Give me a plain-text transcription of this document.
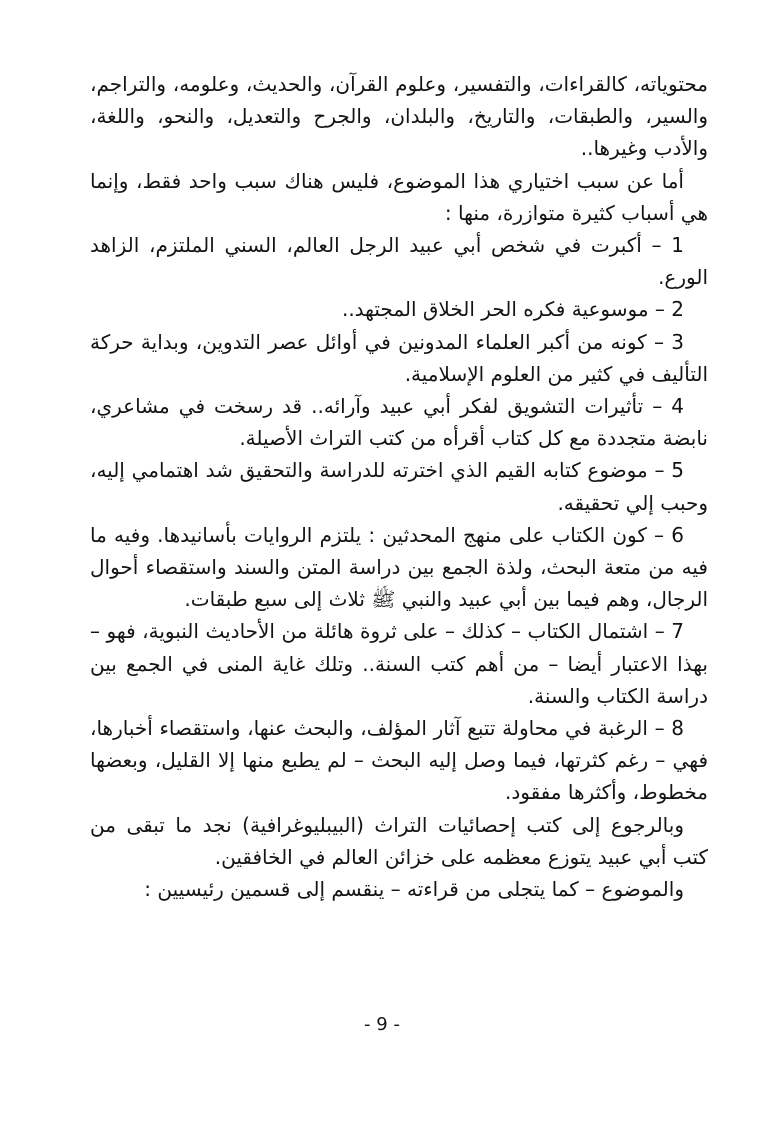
محتوياته، كالقراءات، والتفسير، وعلوم القرآن، والحديث، وعلومه، والتراجم، والسير، والطبقات، والتاريخ، والبلدان، والجرح والتعديل، والنحو، واللغة، والأدب وغيرها..

أما عن سبب اختياري هذا الموضوع، فليس هناك سبب واحد فقط، وإنما هي أسباب كثيرة متوازرة، منها :

1 – أكبرت في شخص أبي عبيد الرجل العالم، السني الملتزم، الزاهد الورع.

2 – موسوعية فكره الحر الخلاق المجتهد..

3 – كونه من أكبر العلماء المدونين في أوائل عصر التدوين، وبداية حركة التأليف في كثير من العلوم الإسلامية.

4 – تأثيرات التشويق لفكر أبي عبيد وآرائه.. قد رسخت في مشاعري، نابضة متجددة مع كل كتاب أقرأه من كتب التراث الأصيلة.

5 – موضوع كتابه القيم الذي اخترته للدراسة والتحقيق شد اهتمامي إليه، وحبب إلي تحقيقه.

6 – كون الكتاب على منهج المحدثين : يلتزم الروايات بأسانيدها. وفيه ما فيه من متعة البحث، ولذة الجمع بين دراسة المتن والسند واستقصاء أحوال الرجال، وهم فيما بين أبي عبيد والنبي ﷺ ثلاث إلى سبع طبقات.

7 – اشتمال الكتاب – كذلك – على ثروة هائلة من الأحاديث النبوية، فهو – بهذا الاعتبار أيضا – من أهم كتب السنة.. وتلك غاية المنى في الجمع بين دراسة الكتاب والسنة.

8 – الرغبة في محاولة تتبع آثار المؤلف، والبحث عنها، واستقصاء أخبارها، فهي – رغم كثرتها، فيما وصل إليه البحث – لم يطبع منها إلا القليل، وبعضها مخطوط، وأكثرها مفقود.

وبالرجوع إلى كتب إحصائيات التراث (البيبليوغرافية) نجد ما تبقى من كتب أبي عبيد يتوزع معظمه على خزائن العالم في الخافقين.

والموضوع – كما يتجلى من قراءته – ينقسم إلى قسمين رئيسيين :

- 9 -
